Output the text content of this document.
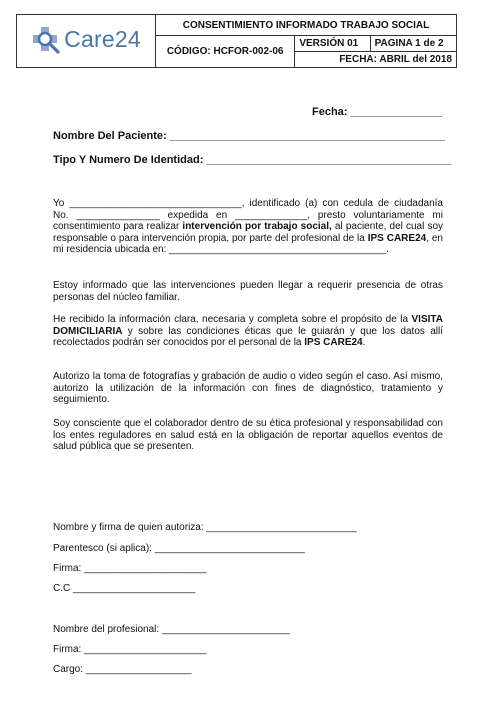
Care24	CONSENTIMIENTO INFORMADO TRABAJO SOCIAL		
	CÓDIGO: HCFOR-002-06	VERSIÓN 01	PAGINA 1 de 2
		FECHA: ABRIL del 2018	
Fecha: _______________
Nombre Del Paciente: _____________________________________________
Tipo Y Numero De Identidad: ________________________________________
Yo _______________________________, identificado (a) con cedula de ciudadanía No. _______________ expedida en _____________, presto voluntariamente mi consentimiento para realizar intervención por trabajo social, al paciente, del cual soy responsable o para intervención propia, por parte del profesional de la IPS CARE24, en mi residencia ubicada en: _______________________________________.
Estoy informado que las intervenciones pueden llegar a requerir presencia de otras personas del núcleo familiar.
He recibido la información clara, necesaria y completa sobre el propósito de la VISITA DOMICILIARIA y sobre las condiciones éticas que le guiarán y que los datos allí recolectados podrán ser conocidos por el personal de la IPS CARE24.
Autorizo la toma de fotografías y grabación de audio o video según el caso. Así mismo, autorizo la utilización de la información con fines de diagnóstico, tratamiento y seguimiento.
Soy consciente que el colaborador dentro de su ética profesional y responsabilidad con los entes reguladores en salud está en la obligación de reportar aquellos eventos de salud pública que se presenten.
Nombre y firma de quien autoriza: ___________________________
Parentesco (si aplica): ___________________________
Firma: ______________________
C.C ______________________
Nombre del profesional: _______________________
Firma: ______________________
Cargo: ___________________
